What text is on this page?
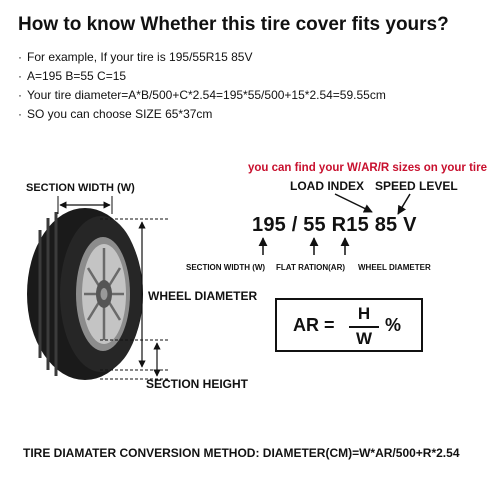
How to know Whether this tire cover fits yours?
· For example, If your tire is 195/55R15 85V
· A=195 B=55 C=15
· Your tire diameter=A*B/500+C*2.54=195*55/500+15*2.54=59.55cm
· SO you can choose SIZE 65*37cm
SECTION WIDTH (W)
WHEEL DIAMETER
SECTION HEIGHT
you can find your W/AR/R sizes on your tire
LOAD INDEX SPEED LEVEL
195 / 55 R15 85 V
SECTION WIDTH (W) FLAT RATION(AR) WHEEL DIAMETER
AR =
H
W
%
TIRE DIAMATER CONVERSION METHOD: DIAMETER(CM)=W*AR/500+R*2.54
